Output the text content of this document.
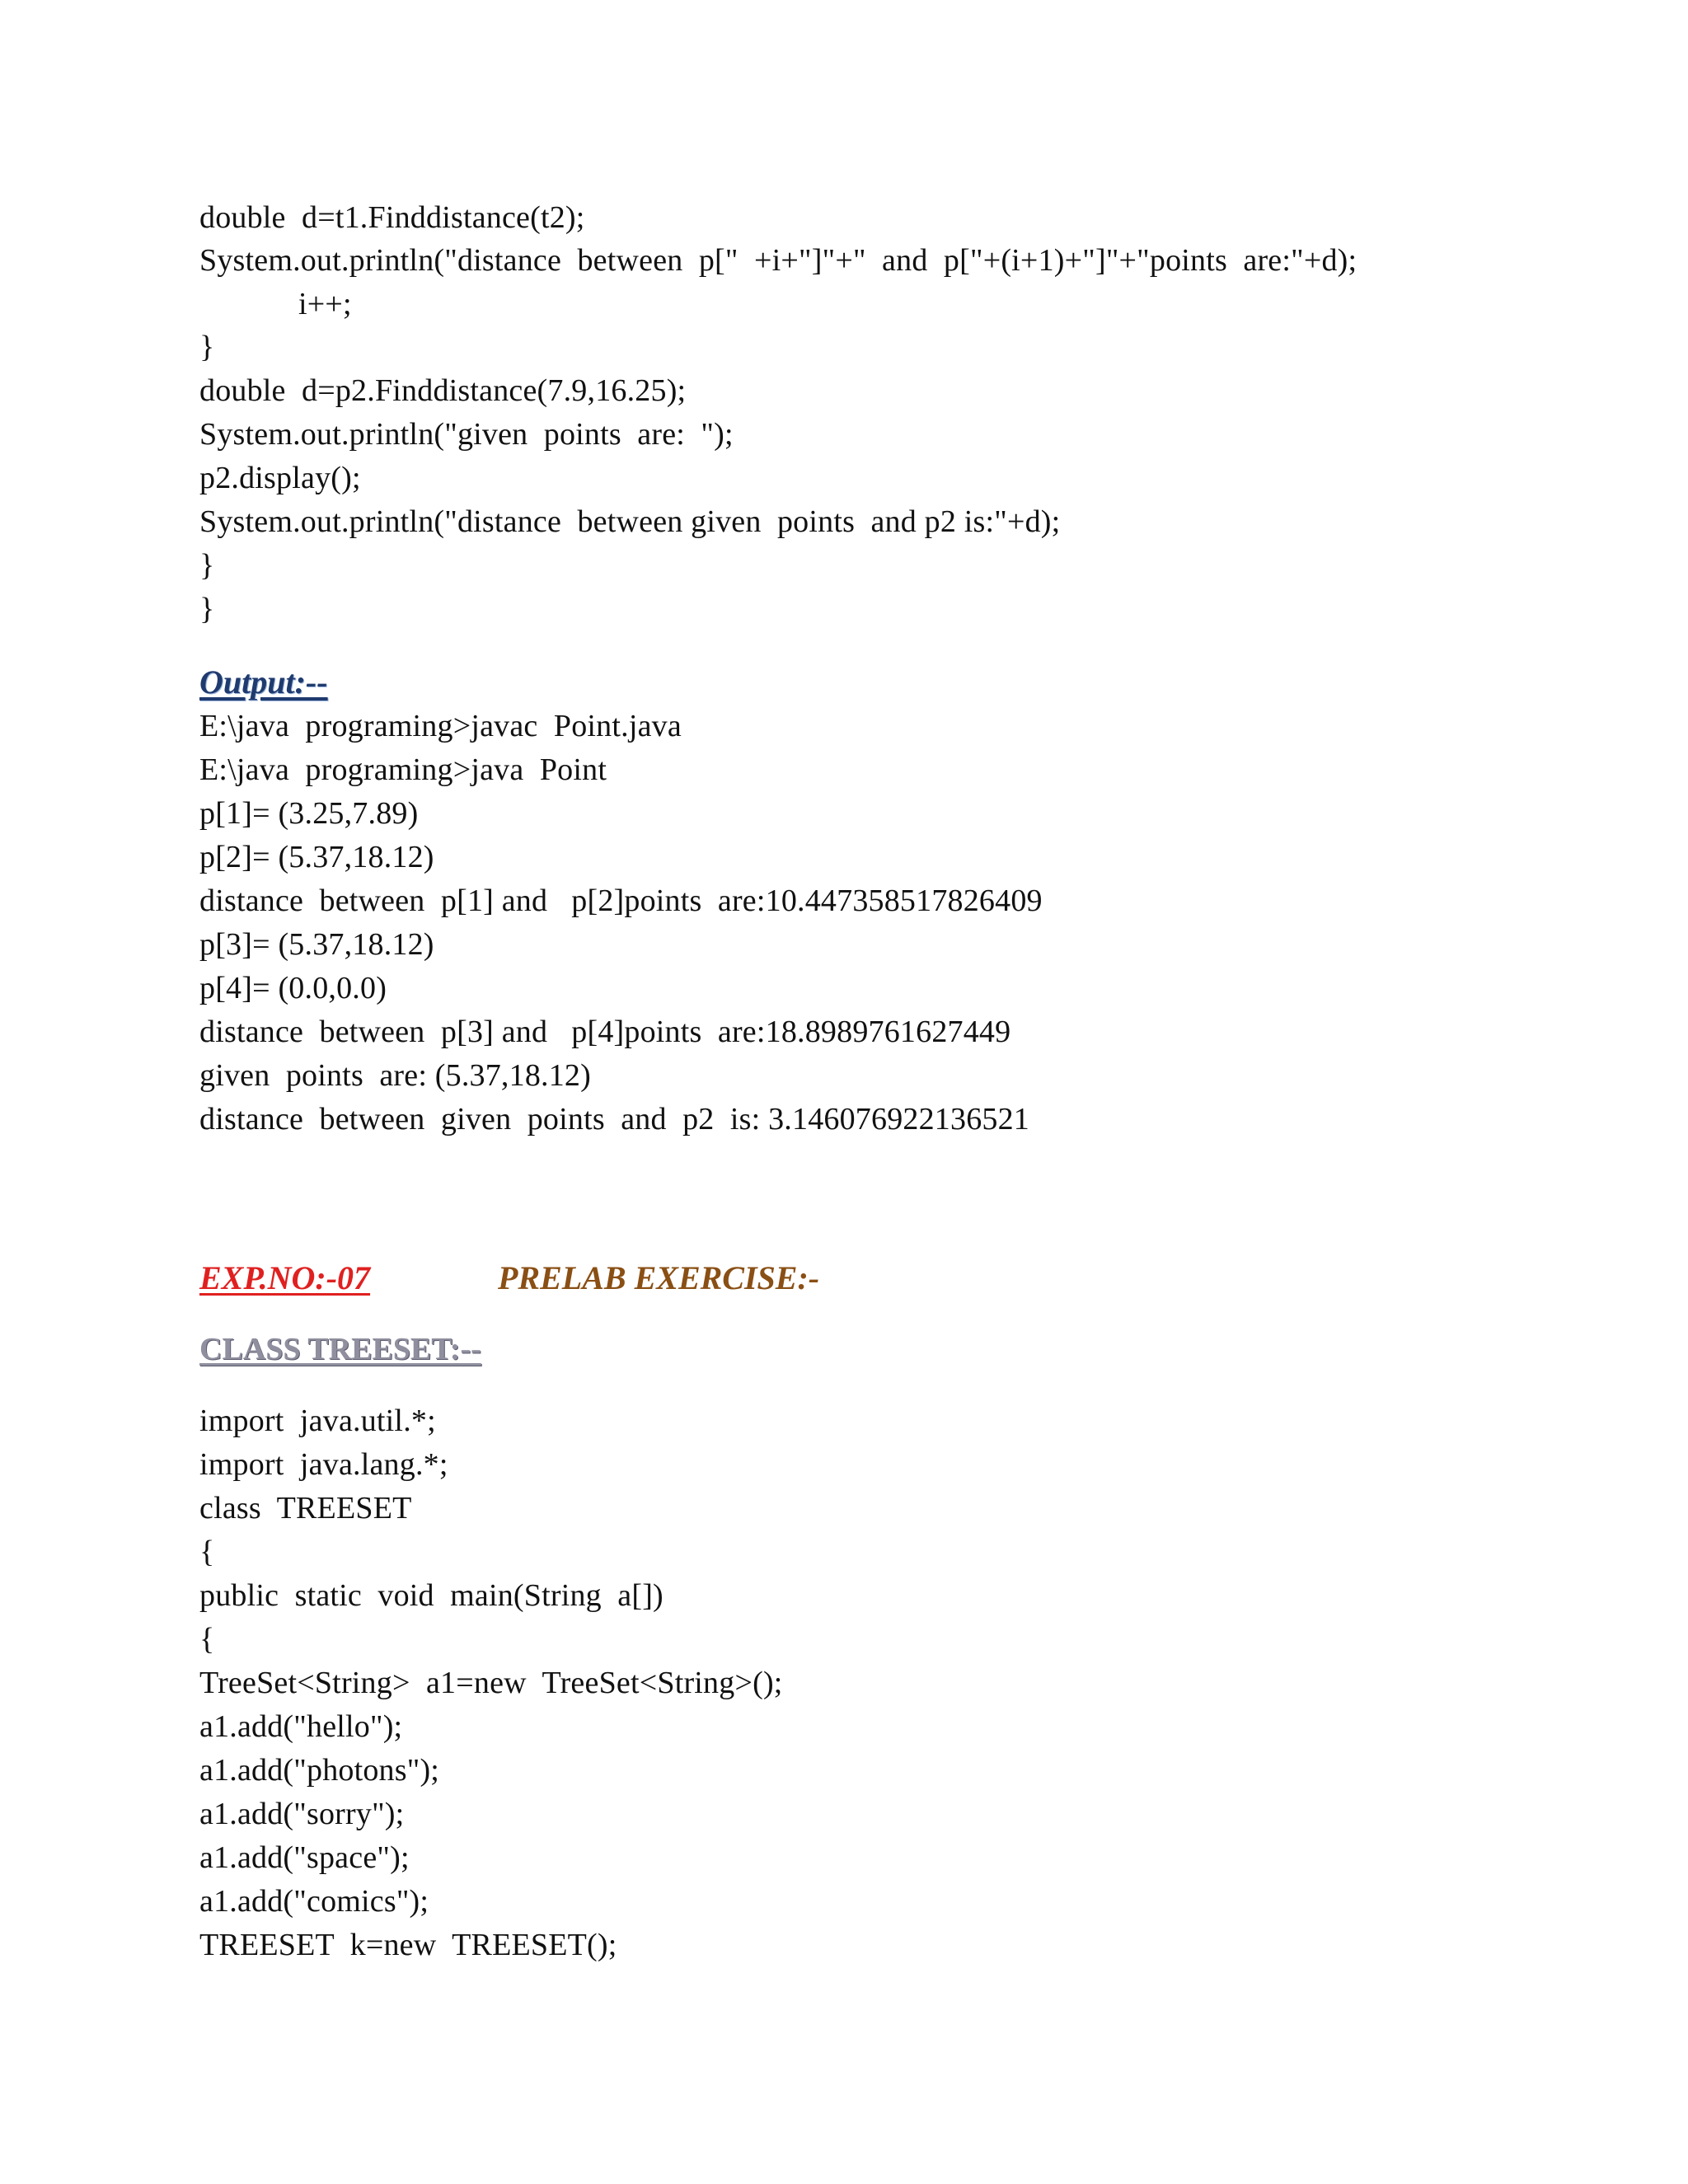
double  d=t1.Finddistance(t2);
System.out.println("distance  between  p["  +i+"]"+"  and  p["+(i+1)+"]"+"points  are:"+d);
i++;
}
double  d=p2.Finddistance(7.9,16.25);
System.out.println("given  points  are:  ");
p2.display();
System.out.println("distance  between given  points  and p2 is:"+d);
}
}
Output:--
E:\java  programing>javac  Point.java
E:\java  programing>java  Point
p[1]= (3.25,7.89)
p[2]= (5.37,18.12)
distance  between  p[1] and   p[2]points  are:10.447358517826409
p[3]= (5.37,18.12)
p[4]= (0.0,0.0)
distance  between  p[3] and   p[4]points  are:18.8989761627449
given  points  are: (5.37,18.12)
distance  between  given  points  and  p2  is: 3.146076922136521
EXP.NO:-07	PRELAB EXERCISE:-
CLASS TREESET:--
import  java.util.*;
import  java.lang.*;
class  TREESET
{
public  static  void  main(String  a[])
{
TreeSet<String>  a1=new  TreeSet<String>();
a1.add("hello");
a1.add("photons");
a1.add("sorry");
a1.add("space");
a1.add("comics");
TREESET  k=new  TREESET();
